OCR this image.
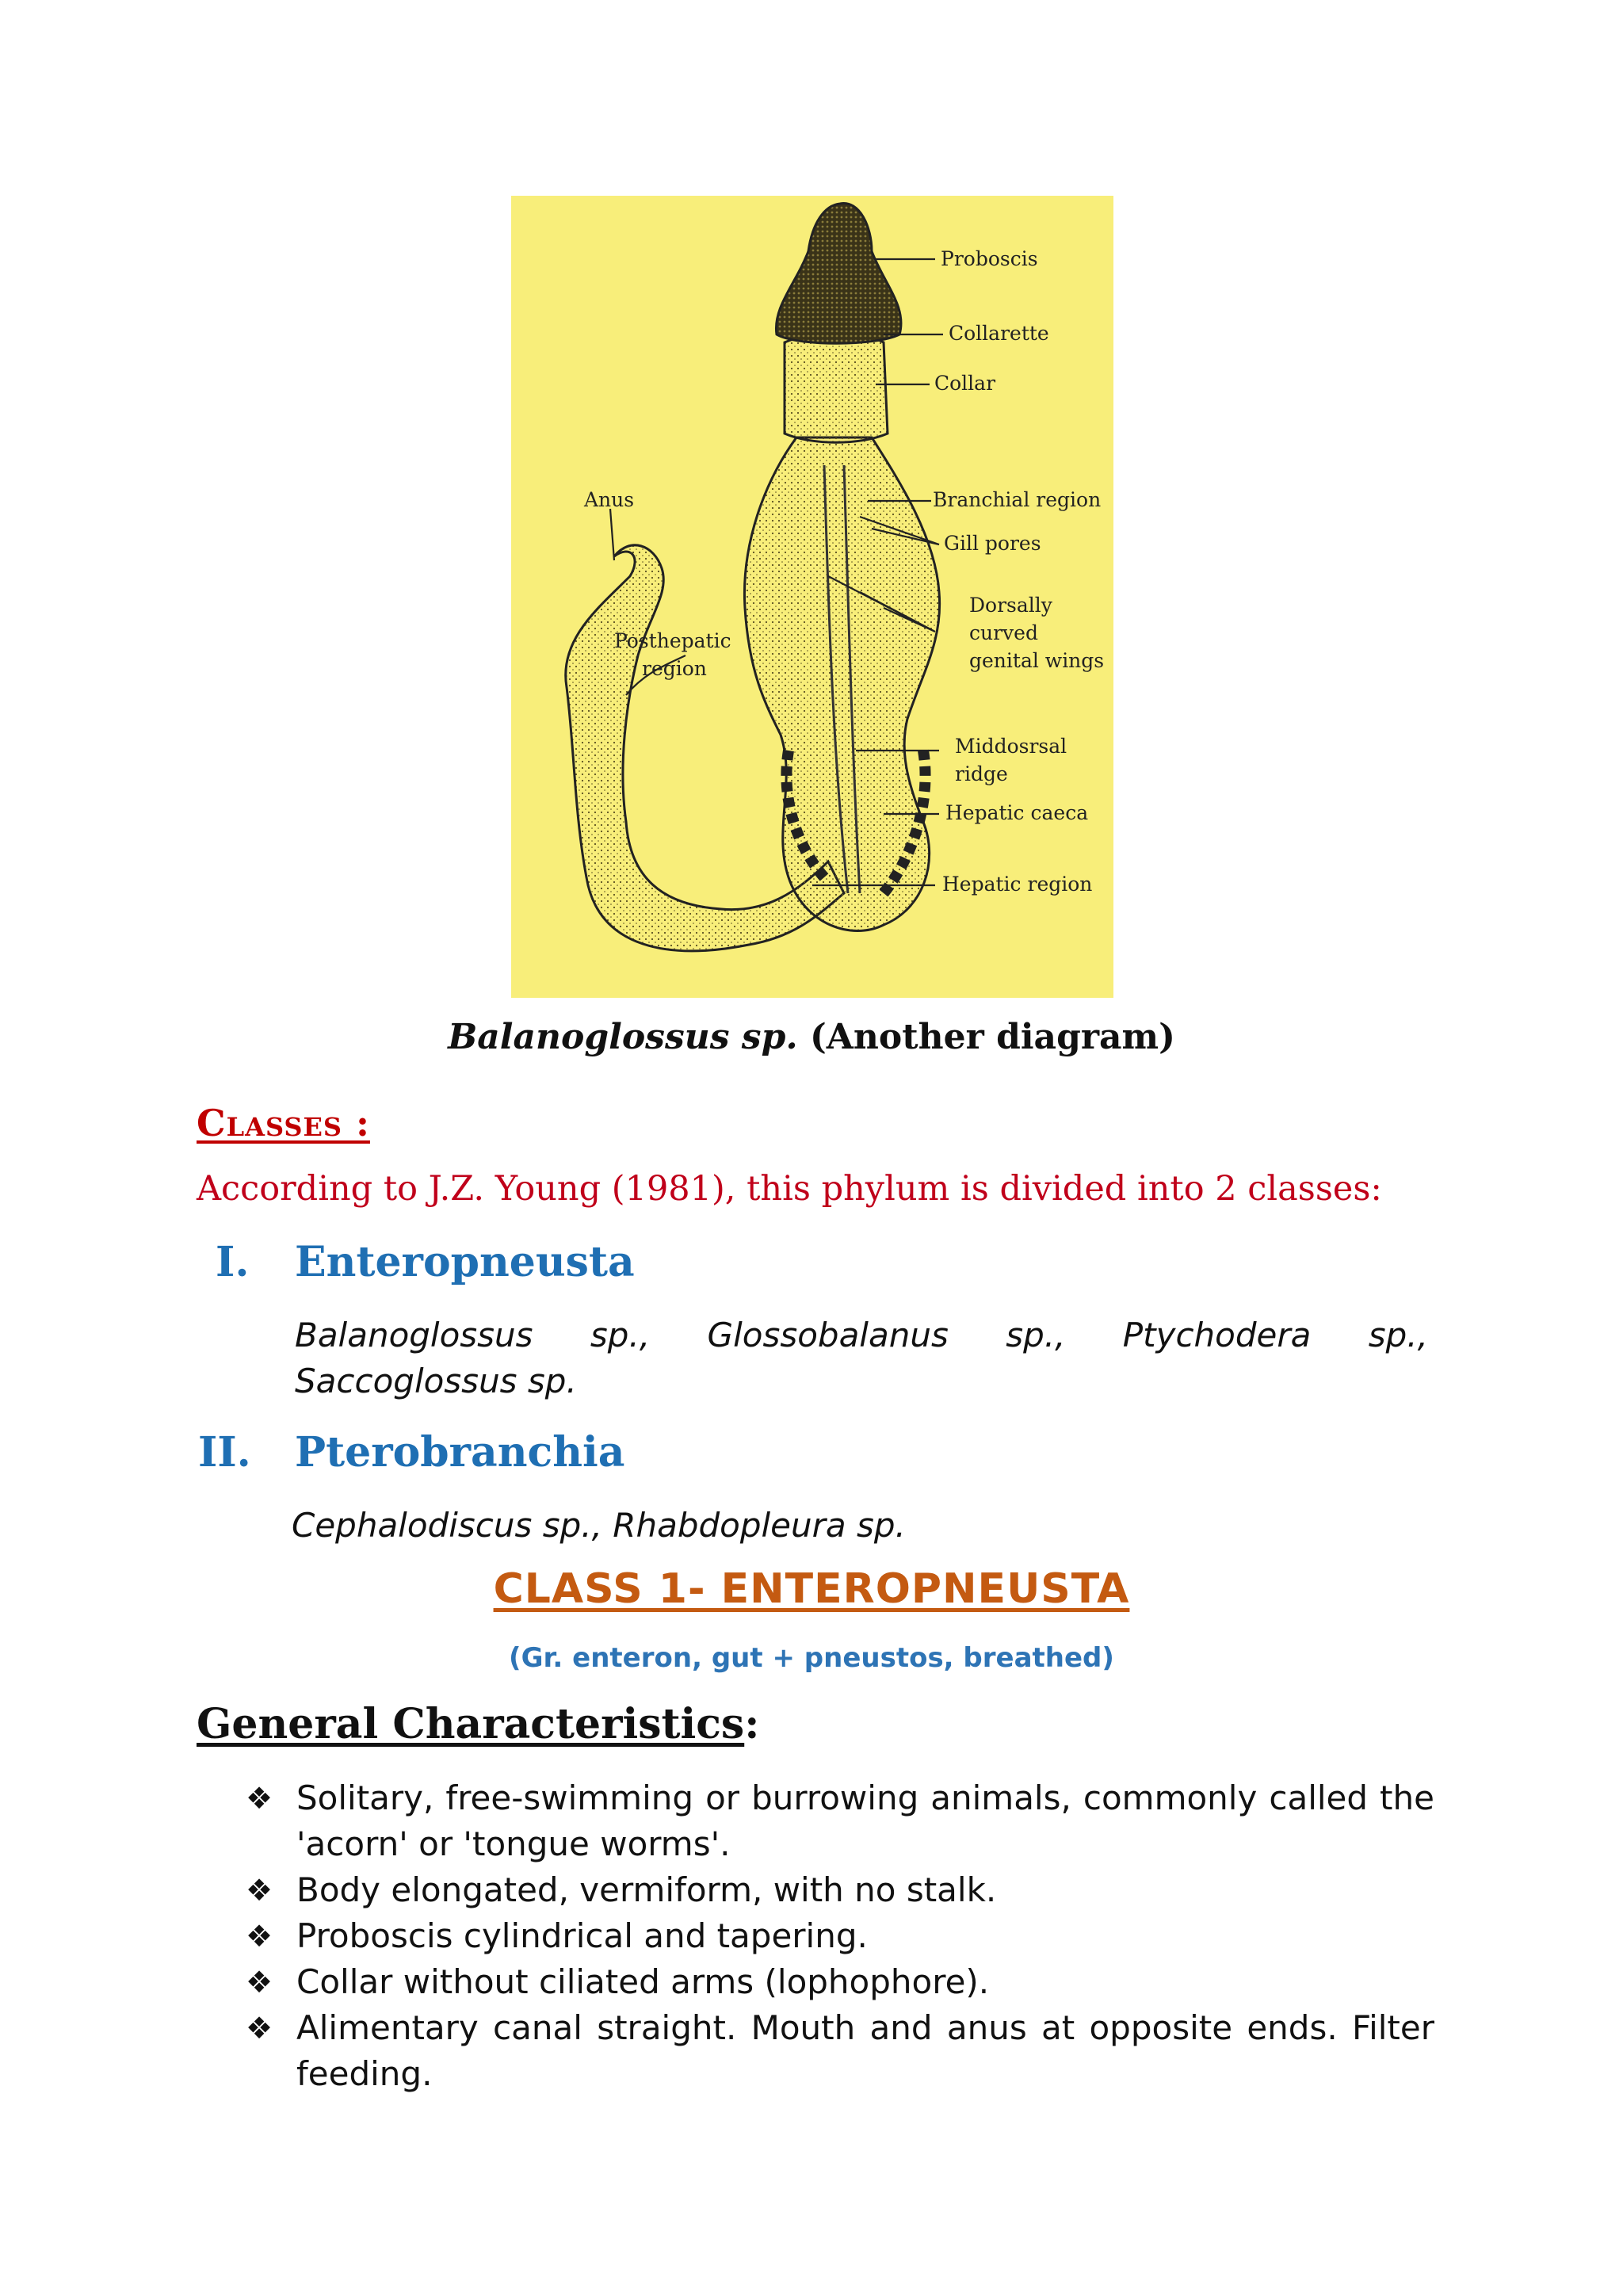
Proboscis
Collarette
Collar
Anus	Branchial region
Gill pores
Dorsally
curved
genital wings
Posthepatic
region
Middosrsal
ridge
Hepatic caeca
Hepatic region
Balanoglossus sp. (Another diagram)
Classes :
According to J.Z. Young (1981), this phylum is divided into 2 classes:
I. Enteropneusta
Balanoglossus sp., Glossobalanus sp., Ptychodera sp.,
Saccoglossus sp.
II. Pterobranchia
Cephalodiscus sp., Rhabdopleura sp.
CLASS 1- ENTEROPNEUSTA
(Gr. enteron, gut + pneustos, breathed)
General Characteristics:
❖ Solitary, free-swimming or burrowing animals, commonly called the 'acorn' or 'tongue worms'.
❖ Body elongated, vermiform, with no stalk.
❖ Proboscis cylindrical and tapering.
❖ Collar without ciliated arms (lophophore).
❖ Alimentary canal straight. Mouth and anus at opposite ends. Filter feeding.
